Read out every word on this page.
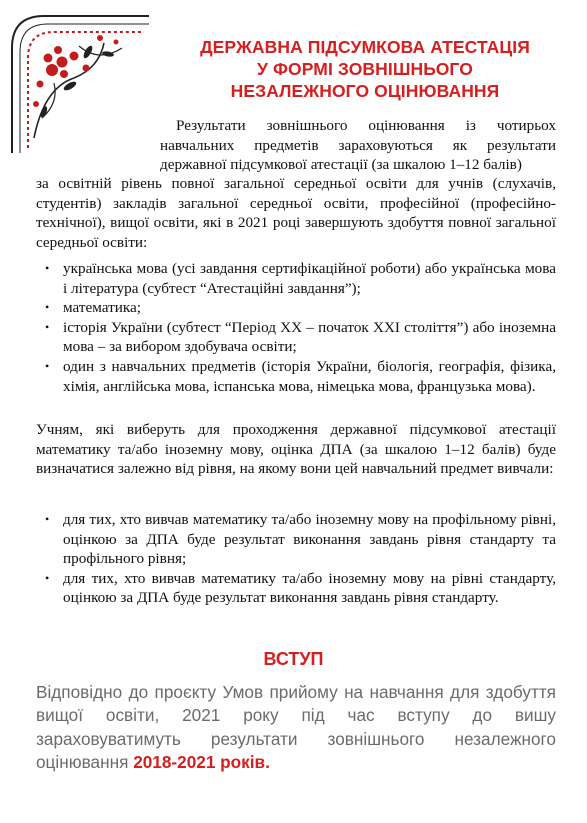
ДЕРЖАВНА ПІДСУМКОВА АТЕСТАЦІЯ
У ФОРМІ ЗОВНІШНЬОГО
НЕЗАЛЕЖНОГО ОЦІНЮВАННЯ
Результати зовнішнього оцінювання із чотирьох навчальних предметів зараховуються як результати державної підсумкової атестації (за шкалою 1–12 балів)
за освітній рівень повної загальної середньої освіти для учнів (слухачів, студентів) закладів загальної середньої освіти, професійної (професійно-технічної), вищої освіти, які в 2021 році завершують здобуття повної загальної середньої освіти:
• українська мова (усі завдання сертифікаційної роботи) або українська мова і література (субтест “Атестаційні завдання”);
• математика;
• історія України (субтест “Період ХХ – початок ХХІ століття”) або іноземна мова – за вибором здобувача освіти;
• один з навчальних предметів (історія України, біологія, географія, фізика, хімія, англійська мова, іспанська мова, німецька мова, французька мова).
Учням, які виберуть для проходження державної підсумкової атестації математику та/або іноземну мову, оцінка ДПА (за шкалою 1–12 балів) буде визначатися залежно від рівня, на якому вони цей навчальний предмет вивчали:
• для тих, хто вивчав математику та/або іноземну мову на профільному рівні, оцінкою за ДПА буде результат виконання завдань рівня стандарту та профільного рівня;
• для тих, хто вивчав математику та/або іноземну мову на рівні стандарту, оцінкою за ДПА буде результат виконання завдань рівня стандарту.
ВСТУП
Відповідно до проєкту Умов прийому на навчання для здобуття вищої освіти, 2021 року під час вступу до вишу зараховуватимуть результати зовнішнього незалежного оцінювання 2018-2021 років.
